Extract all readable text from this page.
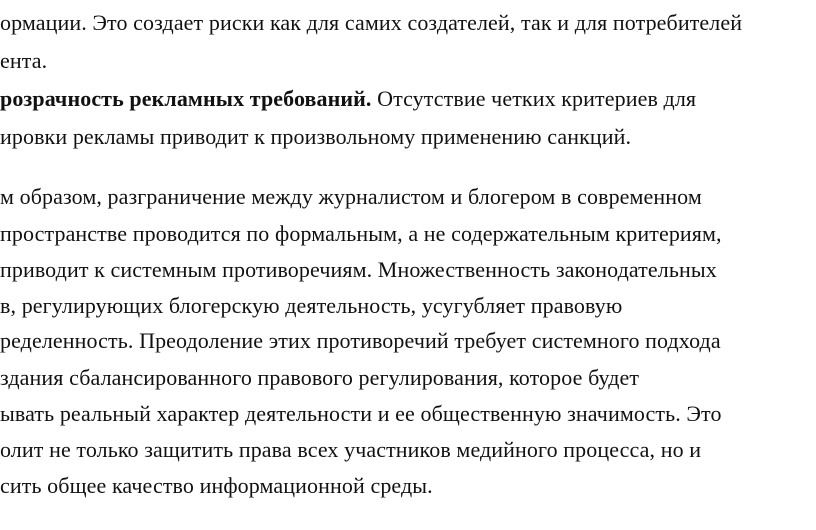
ормации. Это создает риски как для самих создателей, так и для потребителей
ента.
розрачность рекламных требований. Отсутствие четких критериев для
ировки рекламы приводит к произвольному применению санкций.
м образом, разграничение между журналистом и блогером в современном
пространстве проводится по формальным, а не содержательным критериям,
приводит к системным противоречиям. Множественность законодательных
в, регулирующих блогерскую деятельность, усугубляет правовую
ределенность. Преодоление этих противоречий требует системного подхода
здания сбалансированного правового регулирования, которое будет
ывать реальный характер деятельности и ее общественную значимость. Это
олит не только защитить права всех участников медийного процесса, но и
сить общее качество информационной среды.
